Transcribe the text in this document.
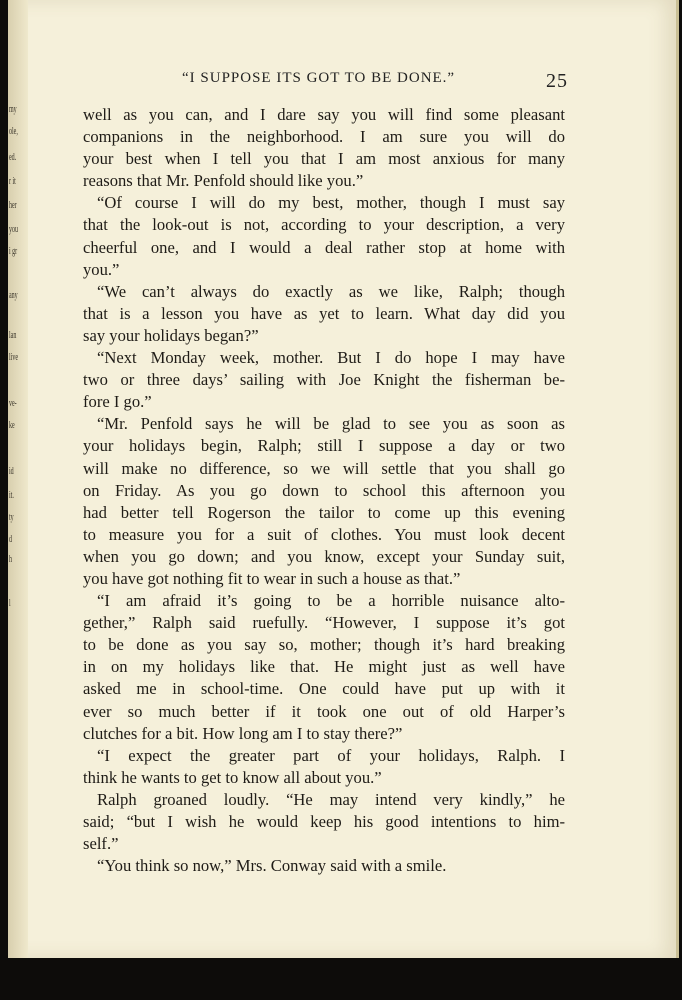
my
ole,
ed.
r it
her
you
i gr
any
lan
live
ve-
ke
id
it.
ty
d
h
l
“I SUPPOSE ITS GOT TO BE DONE.”	25
well as you can, and I dare say you will find some pleasant
companions in the neighborhood. I am sure you will do
your best when I tell you that I am most anxious for many
reasons that Mr. Penfold should like you.”
“Of course I will do my best, mother, though I must say
that the look-out is not, according to your description, a very
cheerful one, and I would a deal rather stop at home with
you.”
“We can’t always do exactly as we like, Ralph; though
that is a lesson you have as yet to learn. What day did you
say your holidays began?”
“Next Monday week, mother. But I do hope I may have
two or three days’ sailing with Joe Knight the fisherman be-
fore I go.”
“Mr. Penfold says he will be glad to see you as soon as
your holidays begin, Ralph; still I suppose a day or two
will make no difference, so we will settle that you shall go
on Friday. As you go down to school this afternoon you
had better tell Rogerson the tailor to come up this evening
to measure you for a suit of clothes. You must look decent
when you go down; and you know, except your Sunday suit,
you have got nothing fit to wear in such a house as that.”
“I am afraid it’s going to be a horrible nuisance alto-
gether,” Ralph said ruefully. “However, I suppose it’s got
to be done as you say so, mother; though it’s hard breaking
in on my holidays like that. He might just as well have
asked me in school-time. One could have put up with it
ever so much better if it took one out of old Harper’s
clutches for a bit. How long am I to stay there?”
“I expect the greater part of your holidays, Ralph. I
think he wants to get to know all about you.”
Ralph groaned loudly. “He may intend very kindly,” he
said; “but I wish he would keep his good intentions to him-
self.”
“You think so now,” Mrs. Conway said with a smile.
